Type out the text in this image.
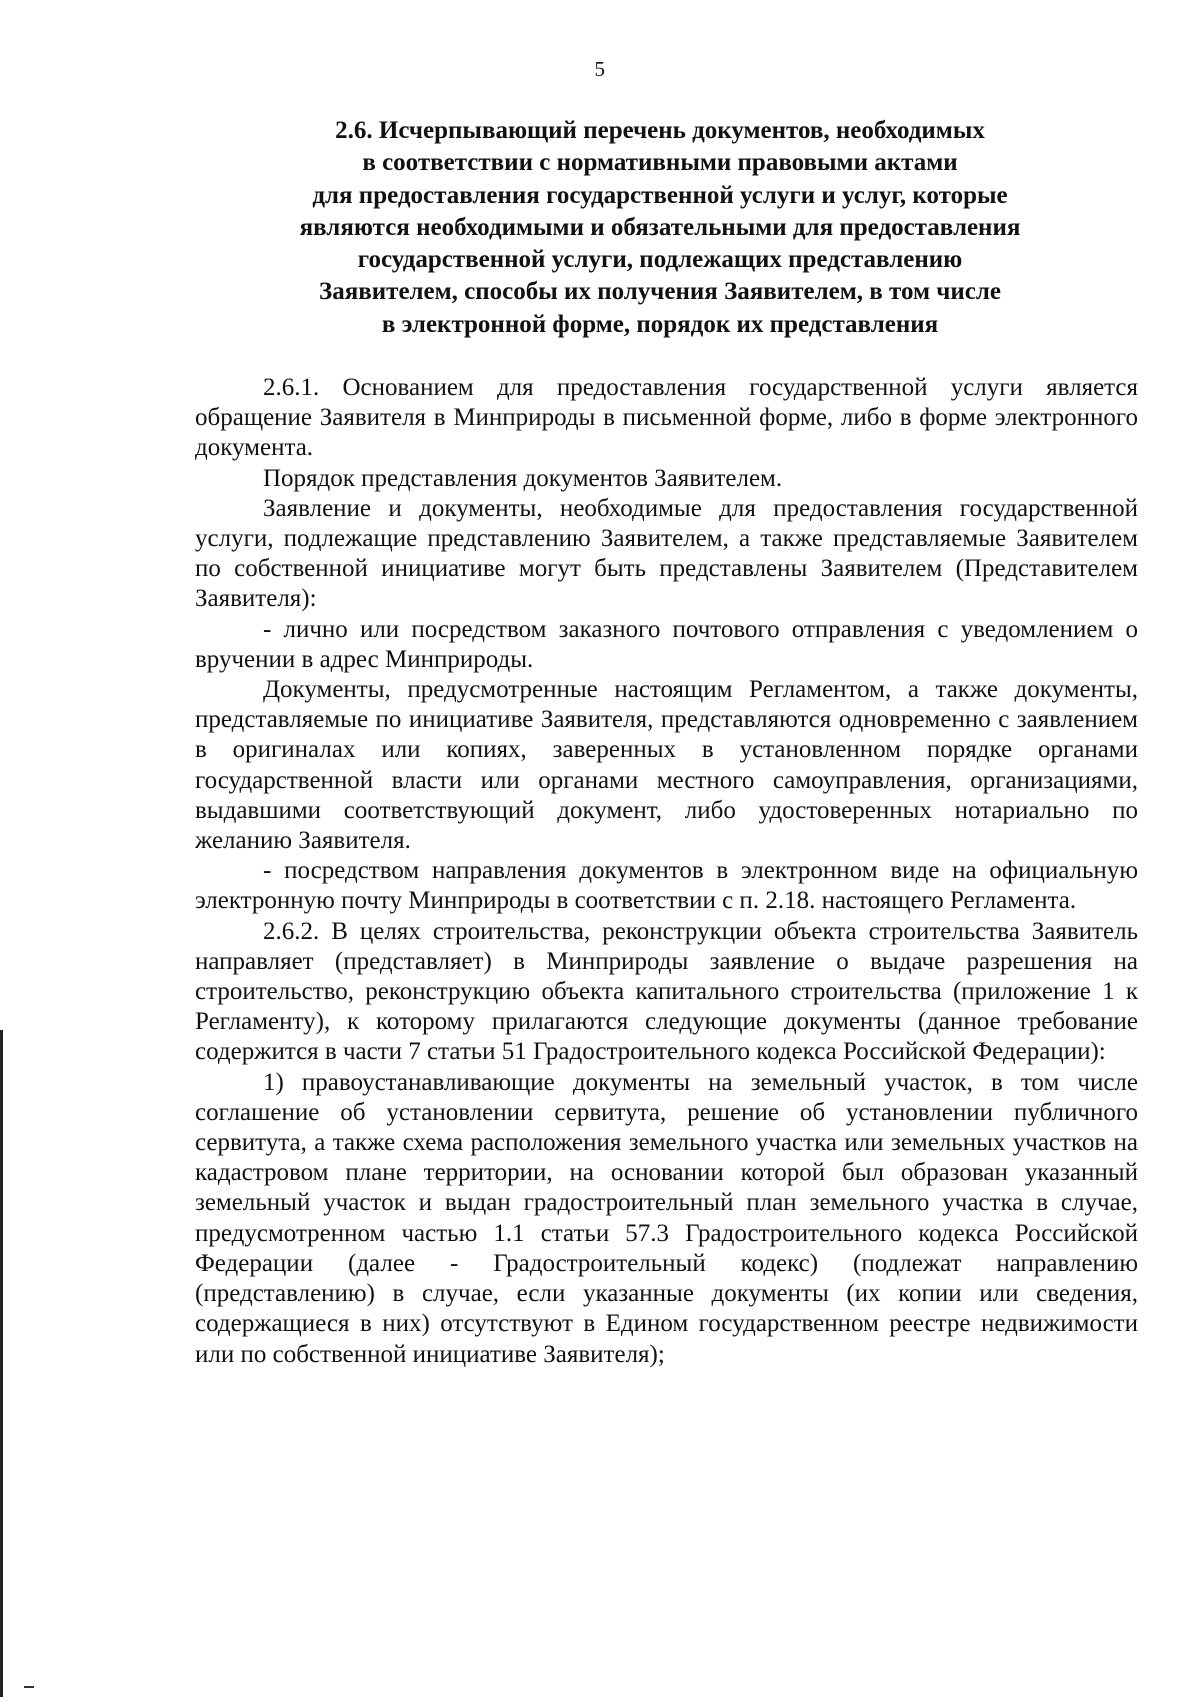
5
2.6. Исчерпывающий перечень документов, необходимых
в соответствии с нормативными правовыми актами
для предоставления государственной услуги и услуг, которые
являются необходимыми и обязательными для предоставления
государственной услуги, подлежащих представлению
Заявителем, способы их получения Заявителем, в том числе
в электронной форме, порядок их представления

2.6.1. Основанием для предоставления государственной услуги является обращение Заявителя в Минприроды в письменной форме, либо в форме электронного документа.

Порядок представления документов Заявителем.

Заявление и документы, необходимые для предоставления государственной услуги, подлежащие представлению Заявителем, а также представляемые Заявителем по собственной инициативе могут быть представлены Заявителем (Представителем Заявителя):

- лично или посредством заказного почтового отправления с уведомлением о вручении в адрес Минприроды.

Документы, предусмотренные настоящим Регламентом, а также документы, представляемые по инициативе Заявителя, представляются одновременно с заявлением в оригиналах или копиях, заверенных в установленном порядке органами государственной власти или органами местного самоуправления, организациями, выдавшими соответствующий документ, либо удостоверенных нотариально по желанию Заявителя.

- посредством направления документов в электронном виде на официальную электронную почту Минприроды в соответствии с п. 2.18. настоящего Регламента.

2.6.2. В целях строительства, реконструкции объекта строительства Заявитель направляет (представляет) в Минприроды заявление о выдаче разрешения на строительство, реконструкцию объекта капитального строительства (приложение 1 к Регламенту), к которому прилагаются следующие документы (данное требование содержится в части 7 статьи 51 Градостроительного кодекса Российской Федерации):

1) правоустанавливающие документы на земельный участок, в том числе соглашение об установлении сервитута, решение об установлении публичного сервитута, а также схема расположения земельного участка или земельных участков на кадастровом плане территории, на основании которой был образован указанный земельный участок и выдан градостроительный план земельного участка в случае, предусмотренном частью 1.1 статьи 57.3 Градостроительного кодекса Российской Федерации (далее - Градостроительный кодекс) (подлежат направлению (представлению) в случае, если указанные документы (их копии или сведения, содержащиеся в них) отсутствуют в Едином государственном реестре недвижимости или по собственной инициативе Заявителя);
